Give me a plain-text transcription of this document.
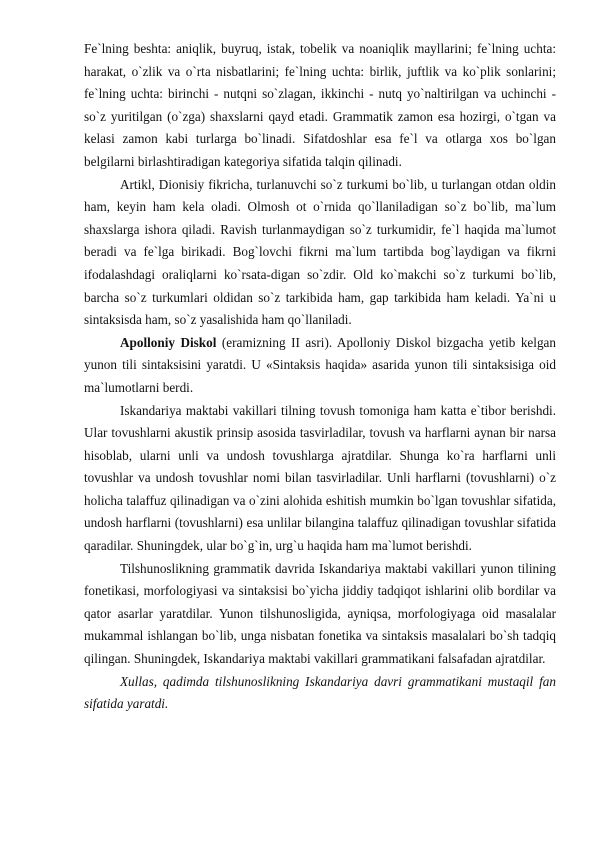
Fe`lning beshta: aniqlik, buyruq, istak, tobelik va noaniqlik mayllarini; fe`lning uchta: harakat, o`zlik va o`rta nisbatlarini; fe`lning uchta: birlik, juftlik va ko`plik sonlarini; fe`lning uchta: birinchi - nutqni so`zlagan, ikkinchi - nutq yo`naltirilgan va uchinchi - so`z yuritilgan (o`zga) shaxslarni qayd etadi. Grammatik zamon esa hozirgi, o`tgan va kelasi zamon kabi turlarga bo`linadi. Sifatdoshlar esa fe`l va otlarga xos bo`lgan belgilarni birlashtiradigan kategoriya sifatida talqin qilinadi.

Artikl, Dionisiy fikricha, turlanuvchi so`z turkumi bo`lib, u turlangan otdan oldin ham, keyin ham kela oladi. Olmosh ot o`rnida qo`llaniladigan so`z bo`lib, ma`lum shaxslarga ishora qiladi. Ravish turlanmaydigan so`z turkumidir, fe`l haqida ma`lumot beradi va fe`lga birikadi. Bog`lovchi fikrni ma`lum tartibda bog`laydigan va fikrni ifodalashdagi oraliqlarni ko`rsata-digan so`zdir. Old ko`makchi so`z turkumi bo`lib, barcha so`z turkumlari oldidan so`z tarkibida ham, gap tarkibida ham keladi. Ya`ni u sintaksisda ham, so`z yasalishida ham qo`llaniladi.

Apolloniy Diskol (eramizning II asri). Apolloniy Diskol bizgacha yetib kelgan yunon tili sintaksisini yaratdi. U «Sintaksis haqida» asarida yunon tili sintaksisiga oid ma`lumotlarni berdi.

Iskandariya maktabi vakillari tilning tovush tomoniga ham katta e`tibor berishdi. Ular tovushlarni akustik prinsip asosida tasvirladilar, tovush va harflarni aynan bir narsa hisoblab, ularni unli va undosh tovushlarga ajratdilar. Shunga ko`ra harflarni unli tovushlar va undosh tovushlar nomi bilan tasvirladilar. Unli harflarni (tovushlarni) o`z holicha talaffuz qilinadigan va o`zini alohida eshitish mumkin bo`lgan tovushlar sifatida, undosh harflarni (tovushlarni) esa unlilar bilangina talaffuz qilinadigan tovushlar sifatida qaradilar. Shuningdek, ular bo`g`in, urg`u haqida ham ma`lumot berishdi.

Tilshunoslikning grammatik davrida Iskandariya maktabi vakillari yunon tilining fonetikasi, morfologiyasi va sintaksisi bo`yicha jiddiy tadqiqot ishlarini olib bordilar va qator asarlar yaratdilar. Yunon tilshunosligida, ayniqsa, morfologiyaga oid masalalar mukammal ishlangan bo`lib, unga nisbatan fonetika va sintaksis masalalari bo`sh tadqiq qilingan. Shuningdek, Iskandariya maktabi vakillari grammatikani falsafadan ajratdilar.

Xullas, qadimda tilshunoslikning Iskandariya davri grammatikani mustaqil fan sifatida yaratdi.
